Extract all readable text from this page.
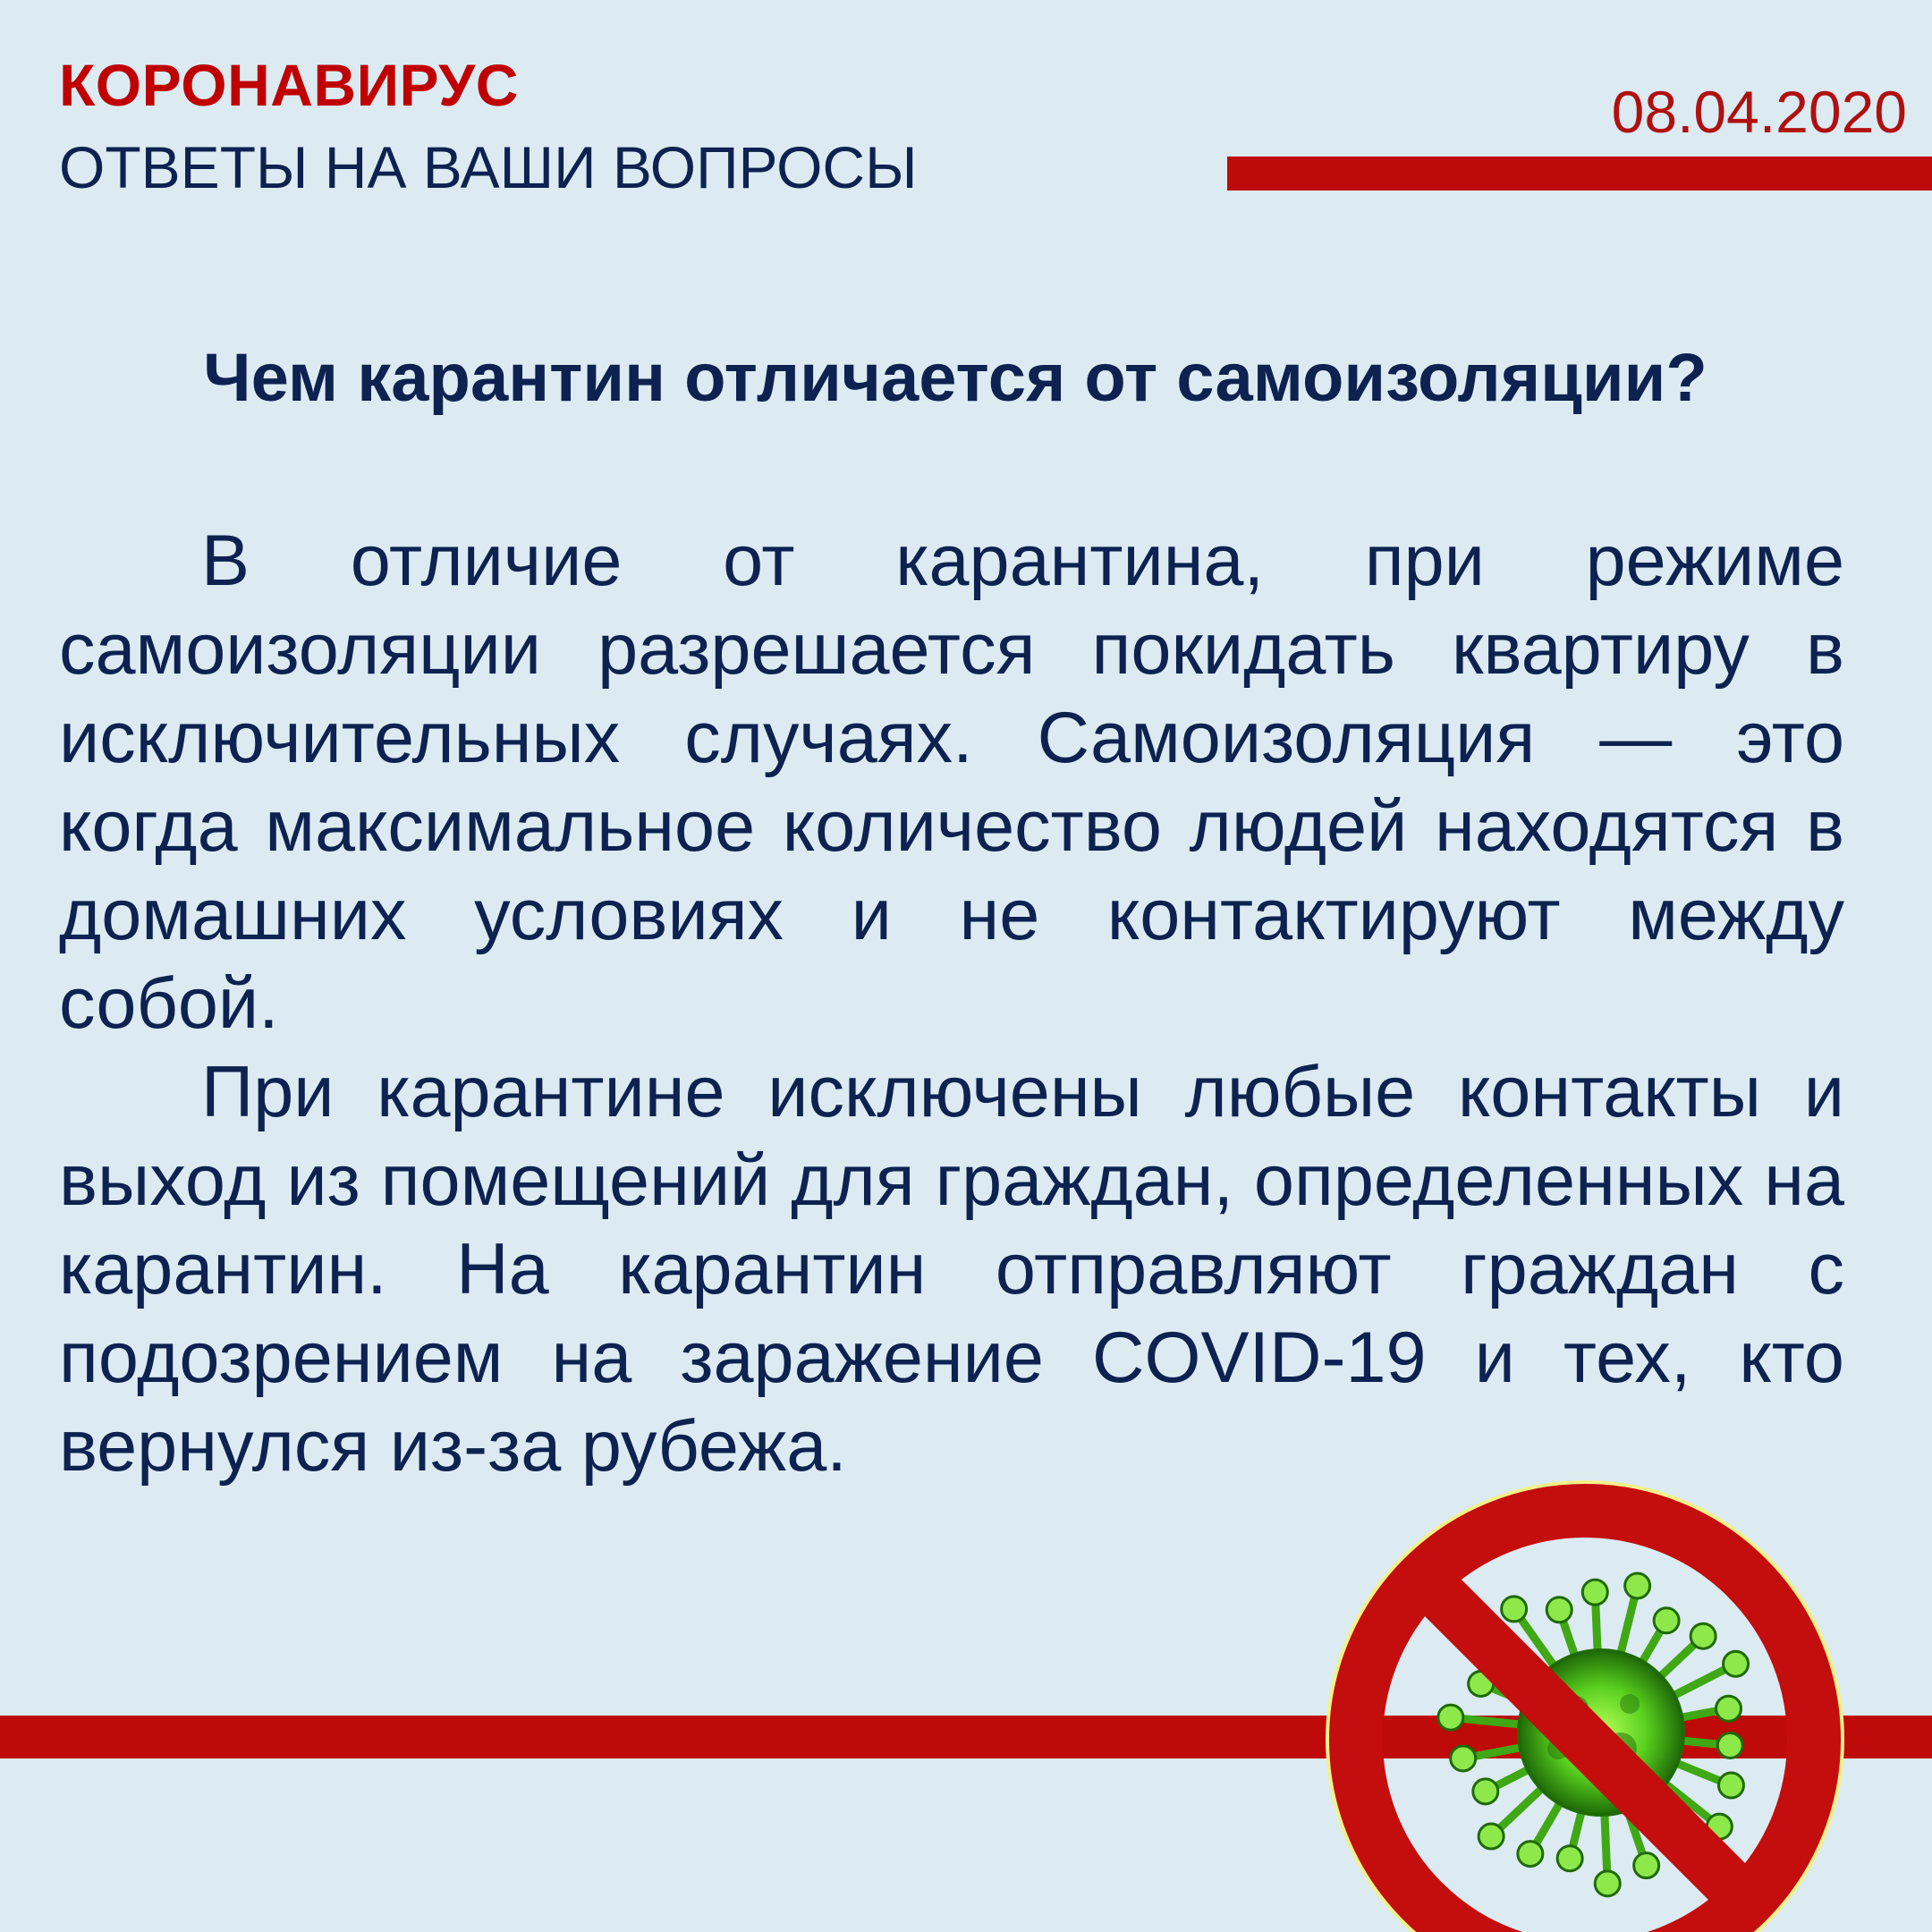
КОРОНАВИРУС
ОТВЕТЫ НА ВАШИ ВОПРОСЫ
08.04.2020
Чем карантин отличается от самоизоляции?

В отличие от карантина, при режиме самоизоляции разрешается покидать квартиру в исключительных случаях. Самоизоляция — это когда максимальное количество людей находятся в домашних условиях и не контактируют между собой.

При карантине исключены любые контакты и выход из помещений для граждан, определенных на карантин. На карантин отправляют граждан с подозрением на заражение COVID-19 и тех, кто вернулся из-за рубежа.
